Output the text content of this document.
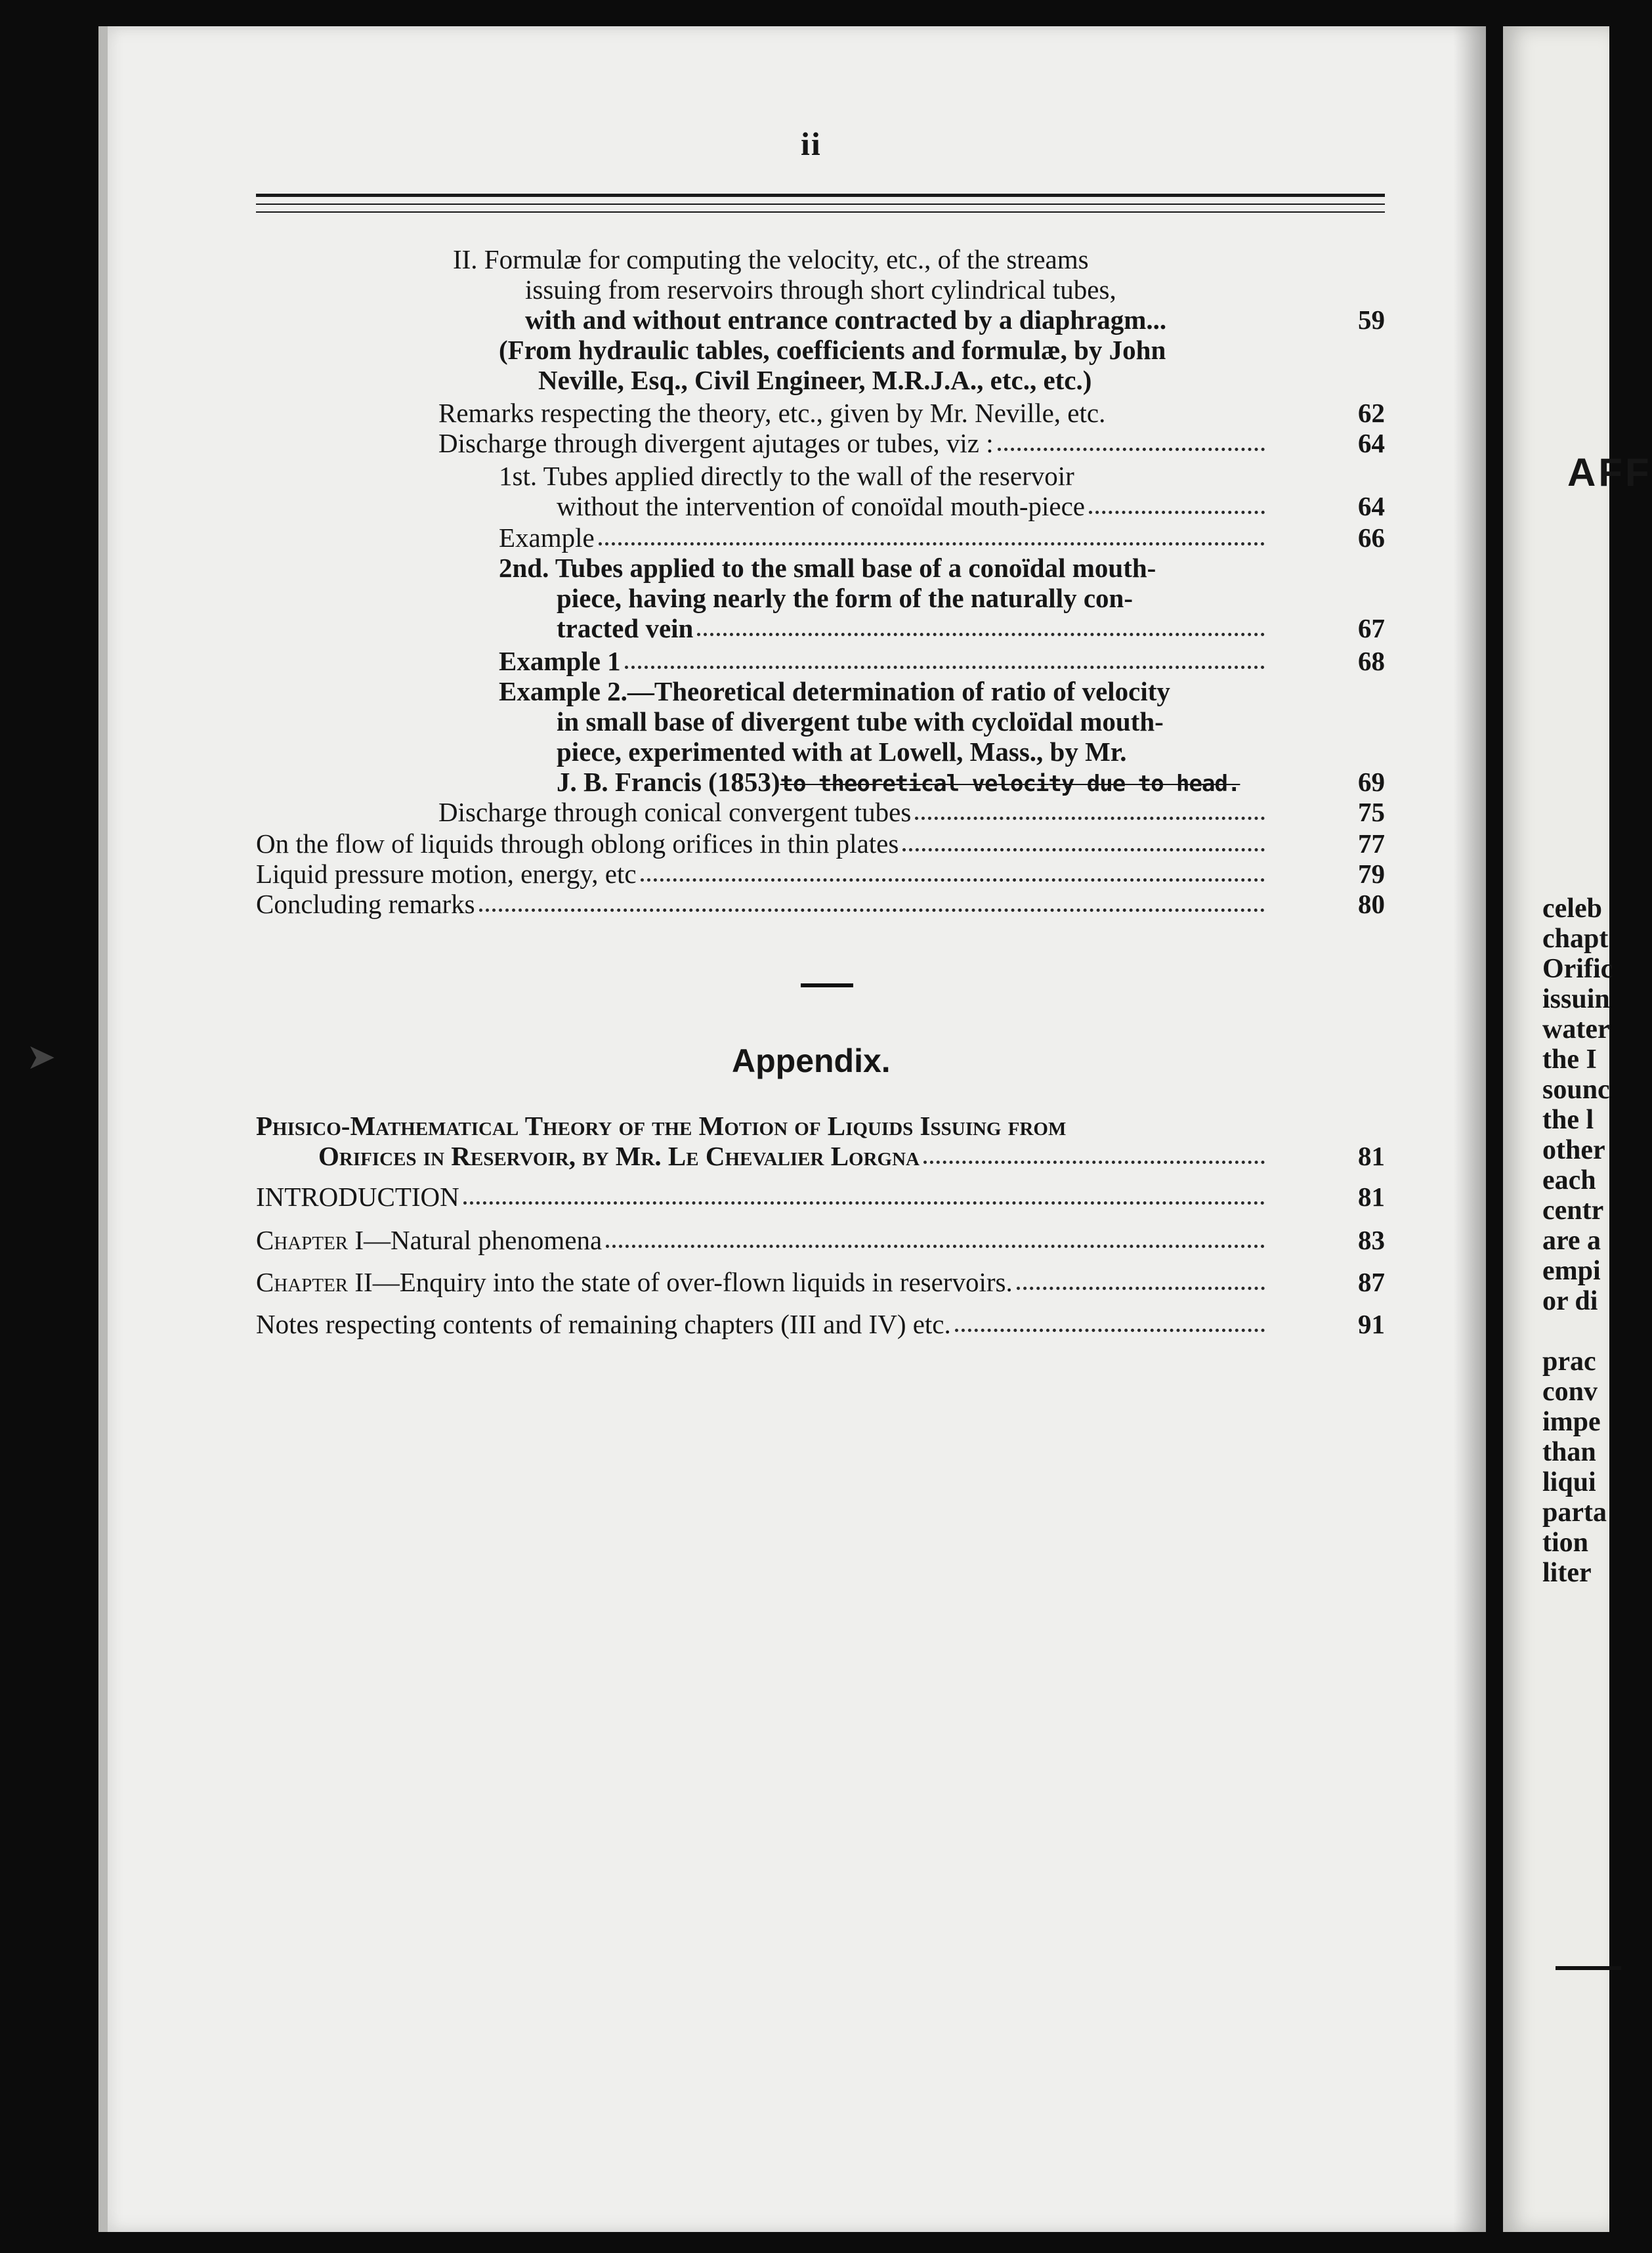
AFF
celeb
chapt
Orific
issuin
water
the I
sounc
the l
other
each
centr
are a
empi
or di
prac
conv
impe
than
liqui
parta
tion
liter
➤
ii
II. Formulæ for computing the velocity, etc., of the streams
issuing from reservoirs through short cylindrical tubes,
with and without entrance contracted by a diaphragm...	59
(From hydraulic tables, coefficients and formulæ, by John
Neville, Esq., Civil Engineer, M.R.J.A., etc., etc.)
Remarks respecting the theory, etc., given by Mr. Neville, etc.	62
Discharge through divergent ajutages or tubes, viz :	64
1st. Tubes applied directly to the wall of the reservoir
without the intervention of conoïdal mouth-piece	64
Example	66
2nd. Tubes applied to the small base of a conoïdal mouth-
piece, having nearly the form of the naturally con-
tracted vein	67
Example 1	68
Example 2.—Theoretical determination of ratio of velocity
in small base of divergent tube with cycloïdal mouth-
piece, experimented with at Lowell, Mass., by Mr.
J. B. Francis (1853)to theoretical velocity due to head.	69
Discharge through conical convergent tubes	75
On the flow of liquids through oblong orifices in thin plates	77
Liquid pressure motion, energy, etc	79
Concluding remarks	80
Appendix.
Phisico-Mathematical Theory of the Motion of Liquids Issuing from
Orifices in Reservoir, by Mr. Le Chevalier Lorgna	81
INTRODUCTION	81
Chapter I —Natural phenomena	83
Chapter II —Enquiry into the state of over-flown liquids in reservoirs.	87
Notes respecting contents of remaining chapters (III and IV) etc.	91
